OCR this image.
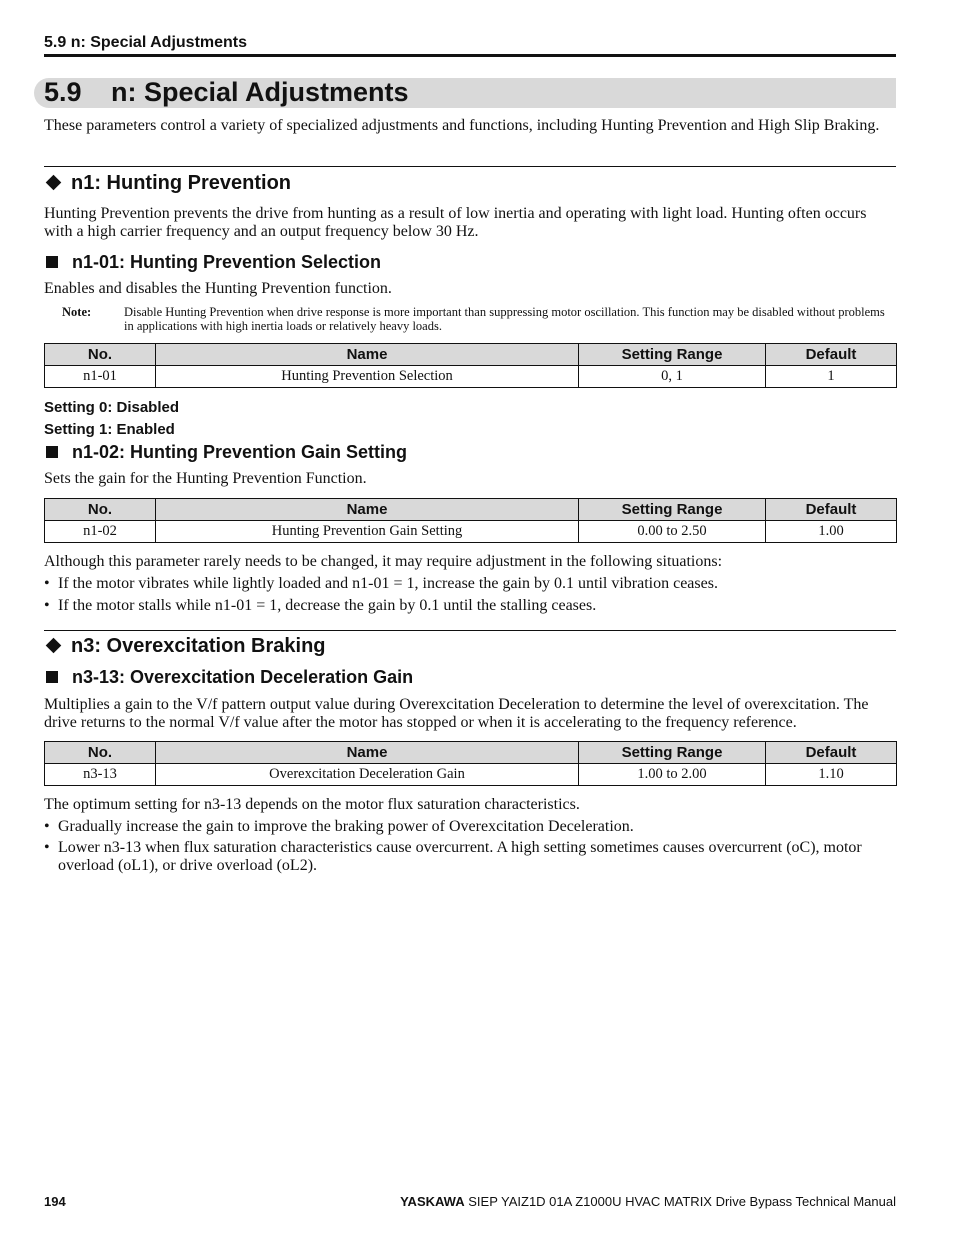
5.9 n: Special Adjustments
5.9 n: Special Adjustments
These parameters control a variety of specialized adjustments and functions, including Hunting Prevention and High Slip Braking.
n1: Hunting Prevention
Hunting Prevention prevents the drive from hunting as a result of low inertia and operating with light load. Hunting often occurs with a high carrier frequency and an output frequency below 30 Hz.
n1-01: Hunting Prevention Selection
Enables and disables the Hunting Prevention function.
Note:	Disable Hunting Prevention when drive response is more important than suppressing motor oscillation. This function may be disabled without problems in applications with high inertia loads or relatively heavy loads.
No.	Name	Setting Range	Default
n1-01	Hunting Prevention Selection	0, 1	1
Setting 0: Disabled
Setting 1: Enabled
n1-02: Hunting Prevention Gain Setting
Sets the gain for the Hunting Prevention Function.
No.	Name	Setting Range	Default
n1-02	Hunting Prevention Gain Setting	0.00 to 2.50	1.00
Although this parameter rarely needs to be changed, it may require adjustment in the following situations:
• If the motor vibrates while lightly loaded and n1-01 = 1, increase the gain by 0.1 until vibration ceases.
• If the motor stalls while n1-01 = 1, decrease the gain by 0.1 until the stalling ceases.
n3: Overexcitation Braking
n3-13: Overexcitation Deceleration Gain
Multiplies a gain to the V/f pattern output value during Overexcitation Deceleration to determine the level of overexcitation. The drive returns to the normal V/f value after the motor has stopped or when it is accelerating to the frequency reference.
No.	Name	Setting Range	Default
n3-13	Overexcitation Deceleration Gain	1.00 to 2.00	1.10
The optimum setting for n3-13 depends on the motor flux saturation characteristics.
• Gradually increase the gain to improve the braking power of Overexcitation Deceleration.
• Lower n3-13 when flux saturation characteristics cause overcurrent. A high setting sometimes causes overcurrent (oC), motor overload (oL1), or drive overload (oL2).
194	YASKAWA SIEP YAIZ1D 01A Z1000U HVAC MATRIX Drive Bypass Technical Manual
